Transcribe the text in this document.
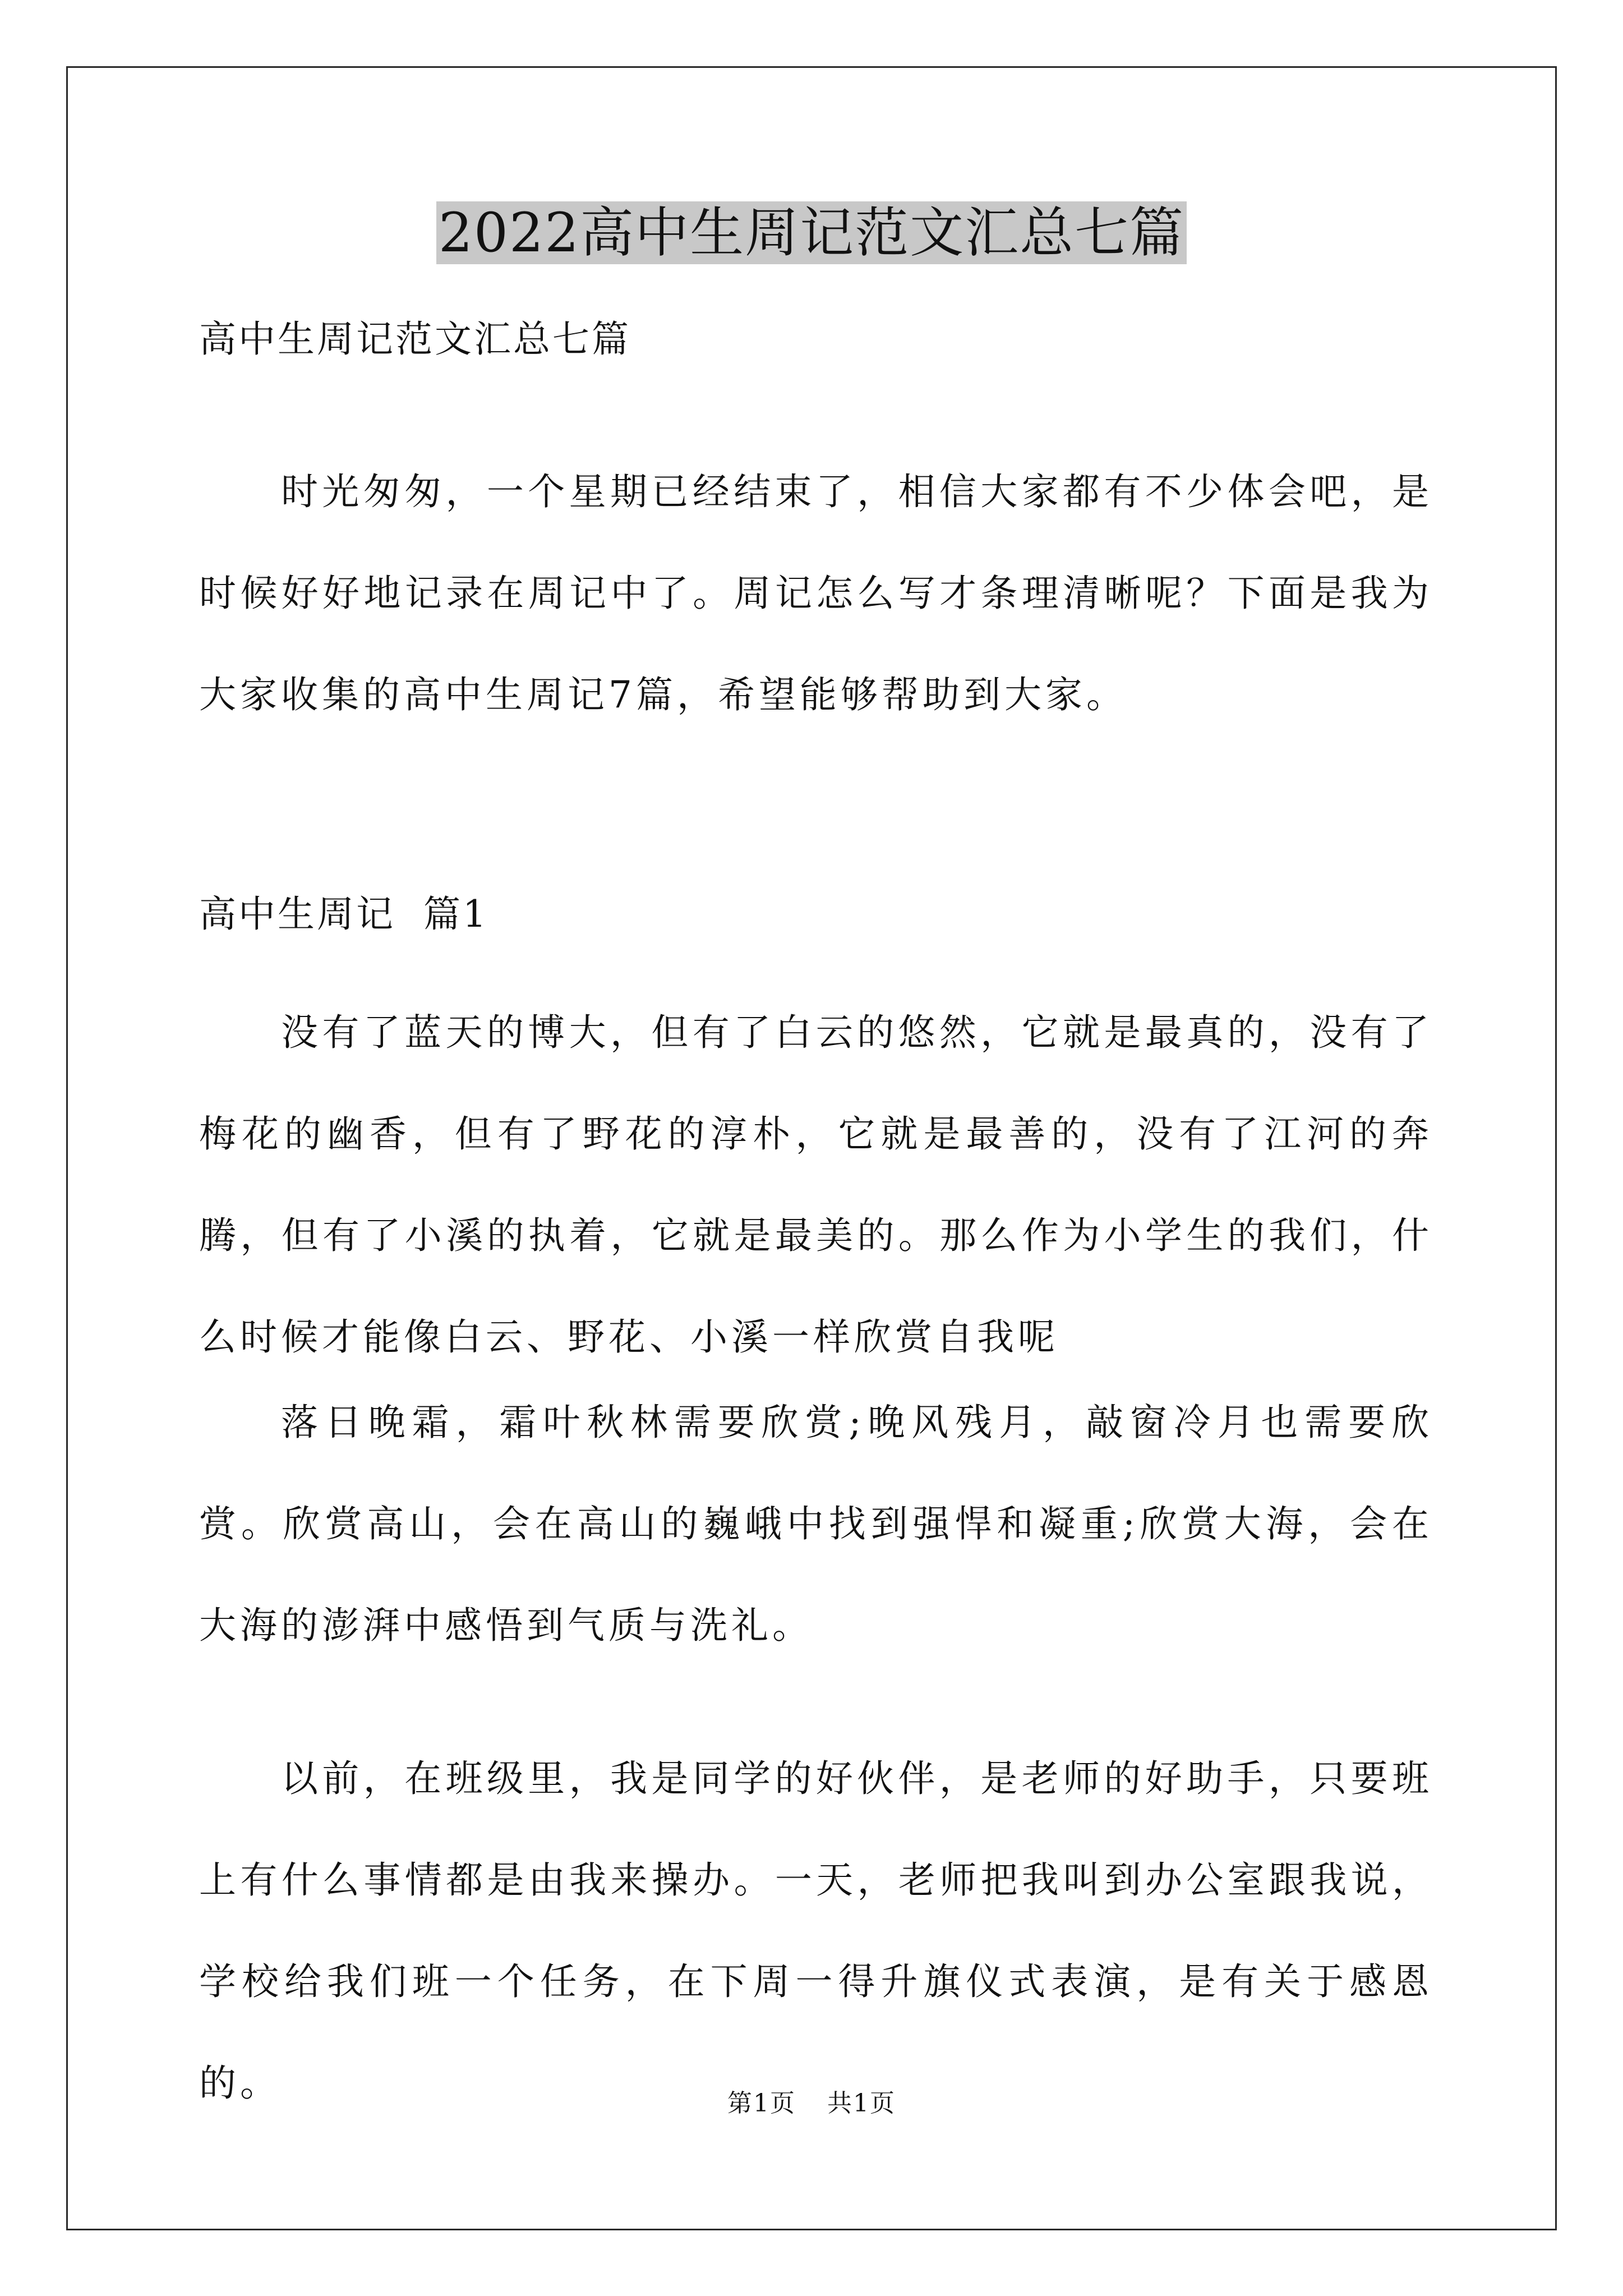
2022高中生周记范文汇总七篇
高中生周记范文汇总七篇

时光匆匆，一个星期已经结束了，相信大家都有不少体会吧，是时候好好地记录在周记中了。周记怎么写才条理清晰呢？下面是我为大家收集的高中生周记7篇，希望能够帮助到大家。

高中生周记  篇1

没有了蓝天的博大，但有了白云的悠然，它就是最真的，没有了梅花的幽香，但有了野花的淳朴，它就是最善的，没有了江河的奔腾，但有了小溪的执着，它就是最美的。那么作为小学生的我们，什么时候才能像白云、野花、小溪一样欣赏自我呢

落日晚霜，霜叶秋林需要欣赏;晚风残月，敲窗冷月也需要欣赏。欣赏高山，会在高山的巍峨中找到强悍和凝重;欣赏大海，会在大海的澎湃中感悟到气质与洗礼。

以前，在班级里，我是同学的好伙伴，是老师的好助手，只要班上有什么事情都是由我来操办。一天，老师把我叫到办公室跟我说，学校给我们班一个任务，在下周一得升旗仪式表演，是有关于感恩的。	第1页 共1页
